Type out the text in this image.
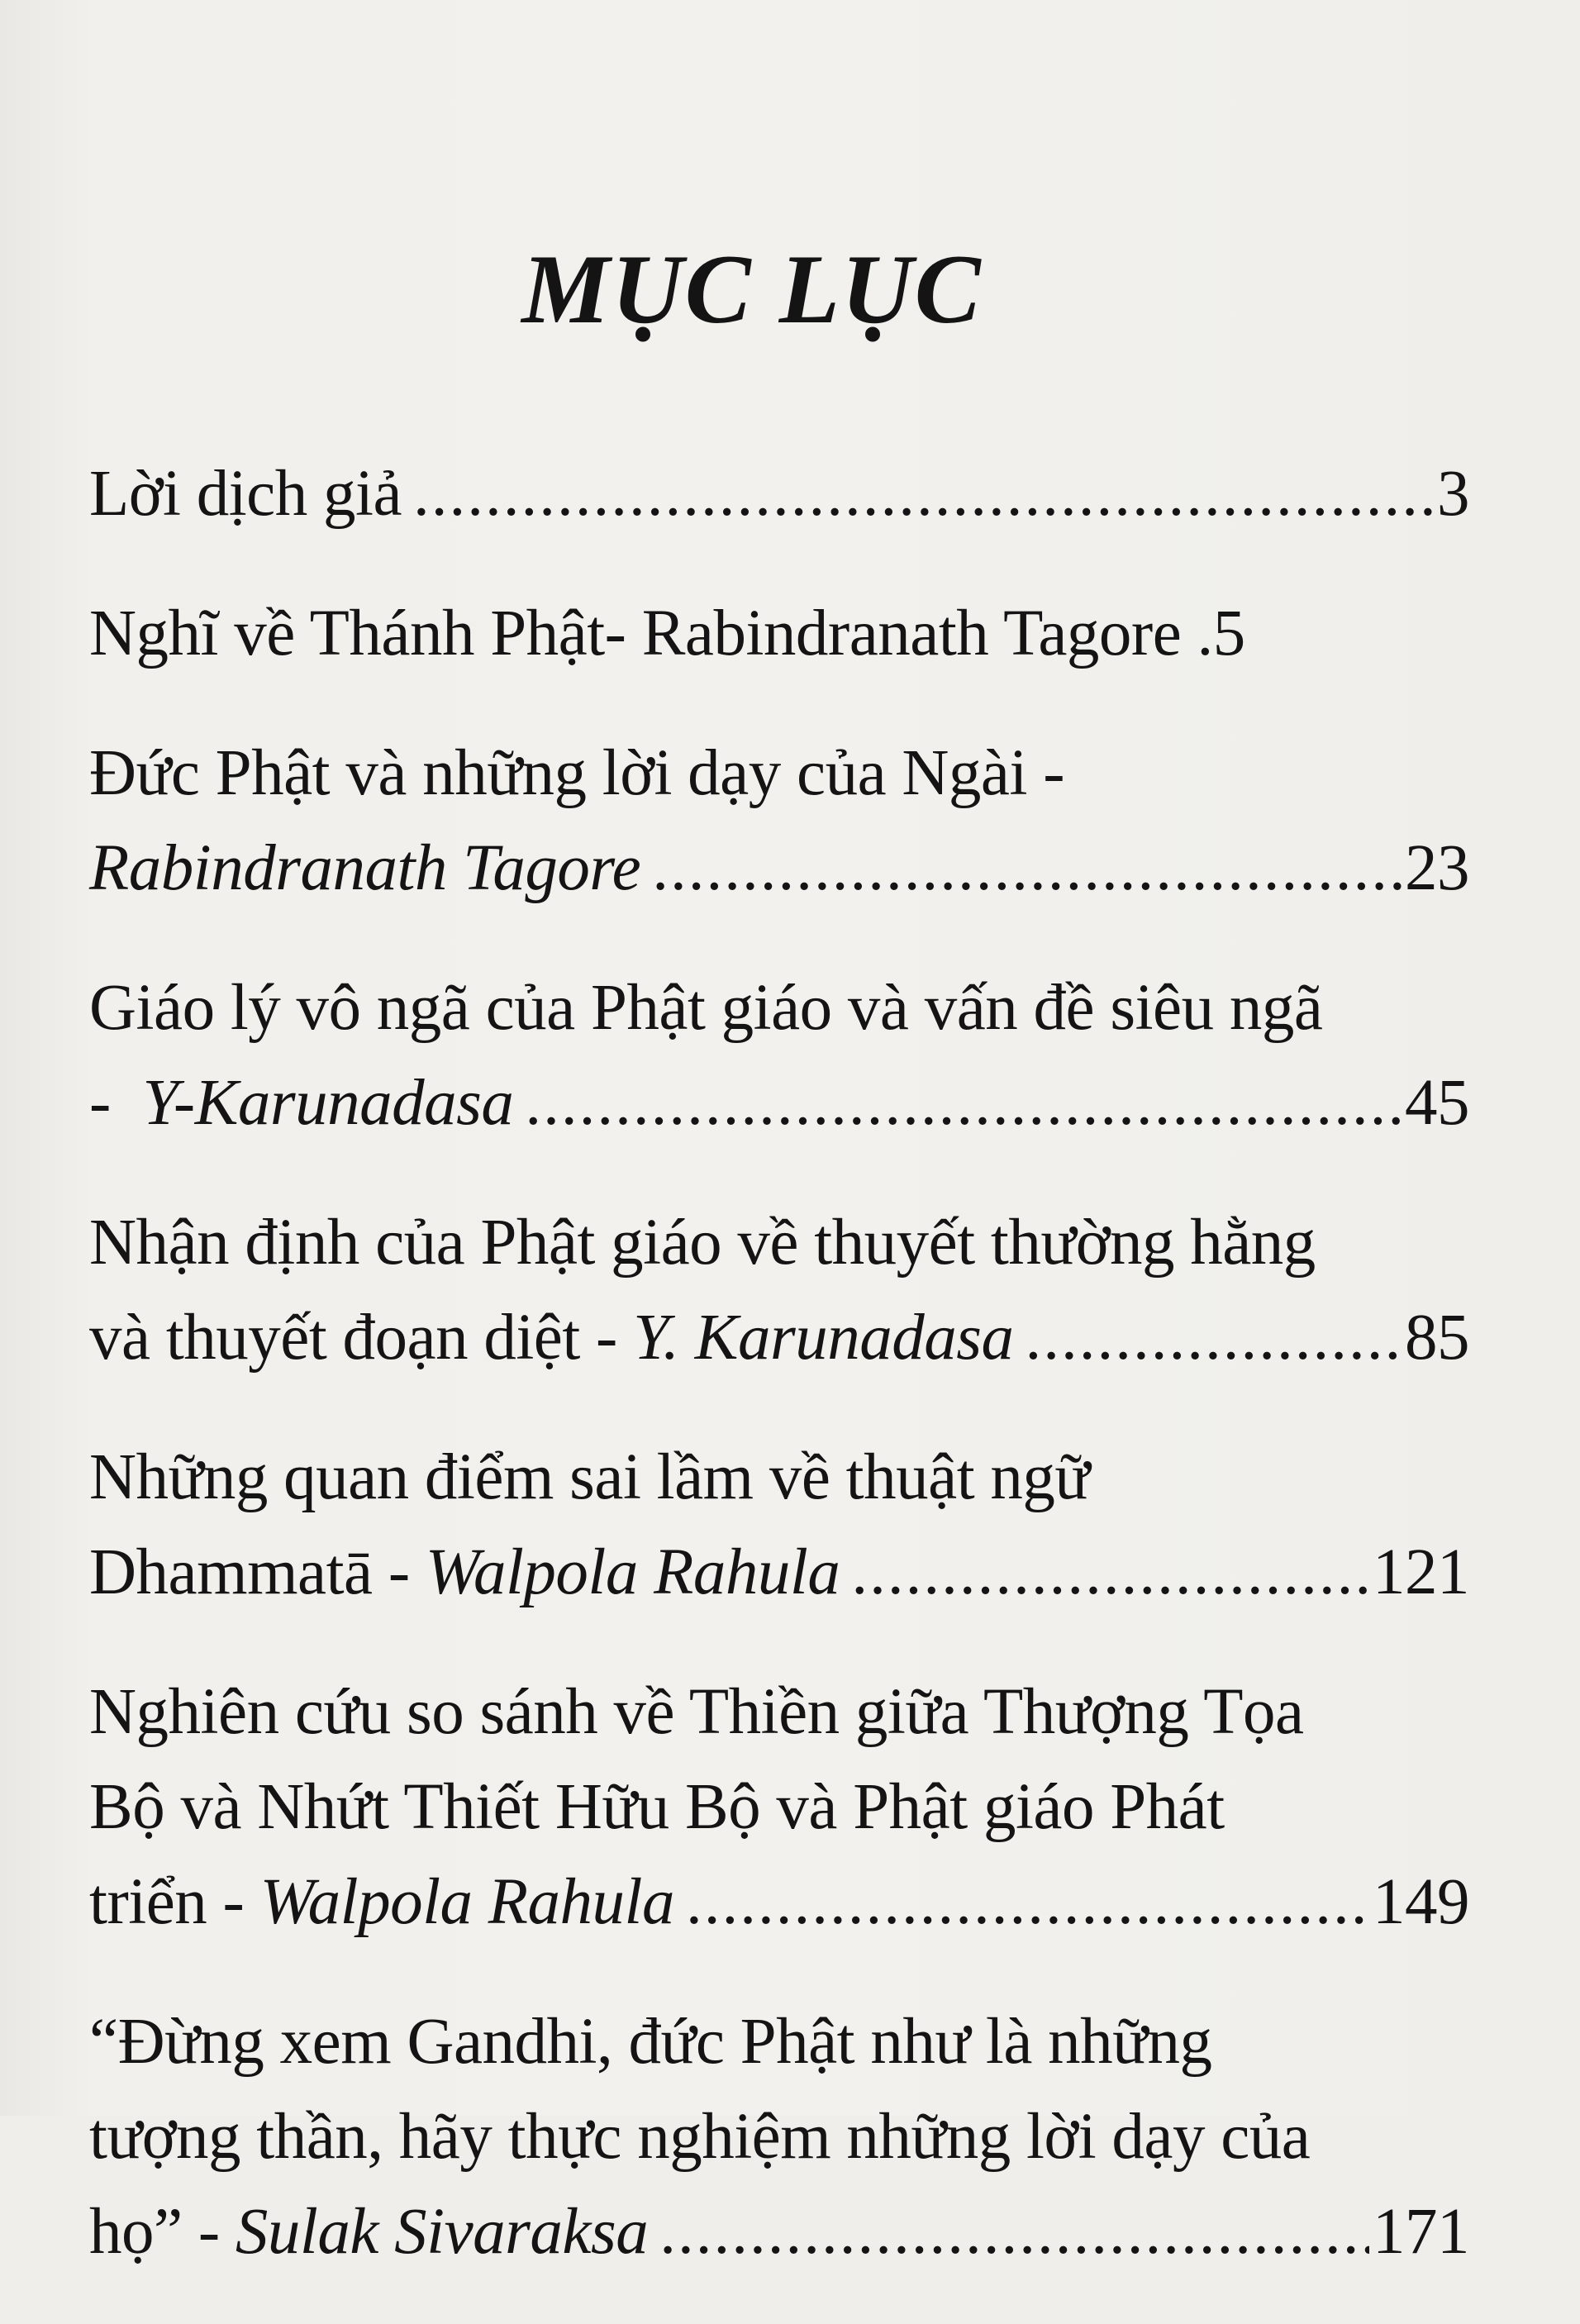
MỤC LỤC
Lời dịch giả .....	3
Nghĩ về Thánh Phật- Rabindranath Tagore .5
Đức Phật và những lời dạy của Ngài -
Rabindranath Tagore .....	23
Giáo lý vô ngã của Phật giáo và vấn đề siêu ngã
- Y-Karunadasa .....	45
Nhận định của Phật giáo về thuyết thường hằng
và thuyết đoạn diệt - Y. Karunadasa .....	85
Những quan điểm sai lầm về thuật ngữ
Dhammatā - Walpola Rahula .....	121
Nghiên cứu so sánh về Thiền giữa Thượng Tọa
Bộ và Nhứt Thiết Hữu Bộ và Phật giáo Phát
triển - Walpola Rahula .....	149
“Đừng xem Gandhi, đức Phật như là những
tượng thần, hãy thực nghiệm những lời dạy của
họ” - Sulak Sivaraksa .....	171
